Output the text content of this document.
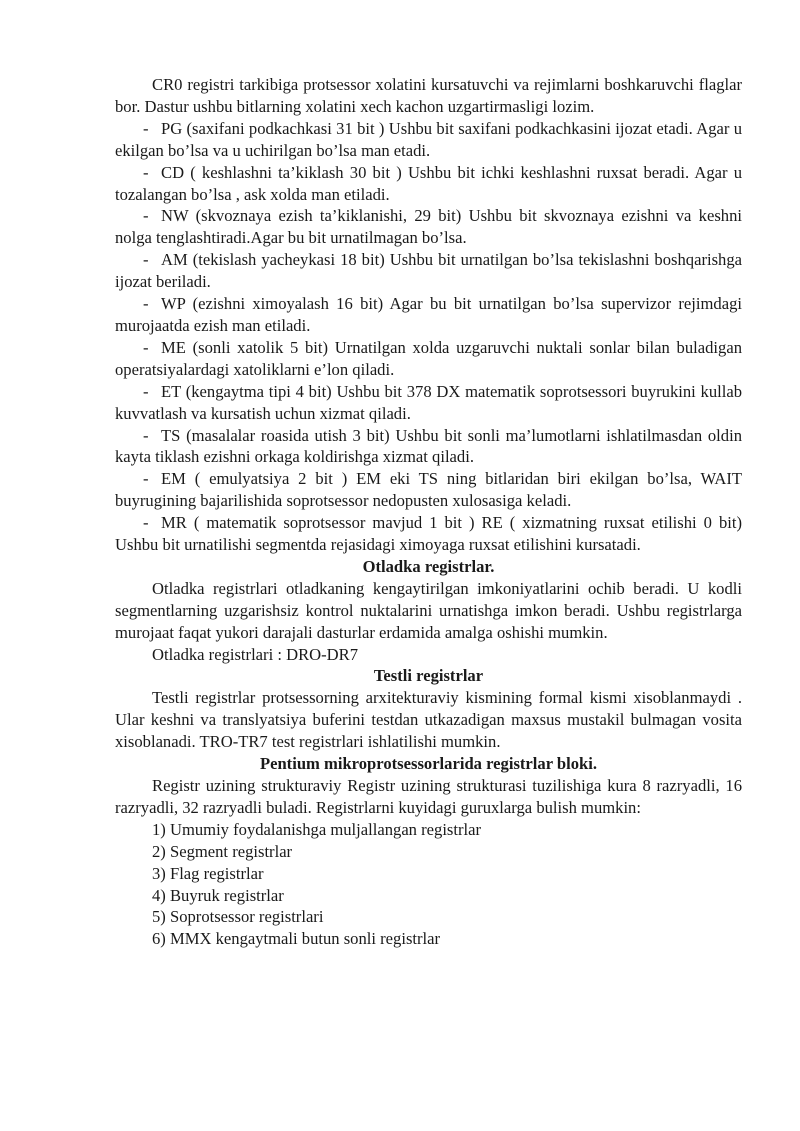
CR0 registri tarkibiga protsessor xolatini kursatuvchi va rejimlarni boshkaruvchi flaglar bor. Dastur ushbu bitlarning xolatini xech kachon uzgartirmasligi lozim.

- PG (saxifani podkachkasi 31 bit ) Ushbu bit saxifani podkachkasini ijozat etadi. Agar u ekilgan bo’lsa va u uchirilgan bo’lsa man etadi.

- CD ( keshlashni ta’kiklash 30 bit ) Ushbu bit ichki keshlashni ruxsat beradi. Agar u tozalangan bo’lsa , ask xolda man etiladi.

- NW (skvoznaya ezish ta’kiklanishi, 29 bit) Ushbu bit skvoznaya ezishni va keshni nolga tenglashtiradi.Agar bu bit urnatilmagan bo’lsa.

- AM (tekislash yacheykasi 18 bit) Ushbu bit urnatilgan bo’lsa tekislashni boshqarishga ijozat beriladi.

- WP (ezishni ximoyalash 16 bit) Agar bu bit urnatilgan bo’lsa supervizor rejimdagi murojaatda ezish man etiladi.

- ME (sonli xatolik 5 bit) Urnatilgan xolda uzgaruvchi nuktali sonlar bilan buladigan operatsiyalardagi xatoliklarni e’lon qiladi.

- ET (kengaytma tipi 4 bit) Ushbu bit 378 DX matematik soprotsessori buyrukini kullab kuvvatlash va kursatish uchun xizmat qiladi.

- TS (masalalar roasida utish 3 bit) Ushbu bit sonli ma’lumotlarni ishlatilmasdan oldin kayta tiklash ezishni orkaga koldirishga xizmat qiladi.

- EM ( emulyatsiya 2 bit ) EM eki TS ning bitlaridan biri ekilgan bo’lsa, WAIT buyrugining bajarilishida soprotsessor nedopusten xulosasiga keladi.

- MR ( matematik soprotsessor mavjud 1 bit ) RE ( xizmatning ruxsat etilishi 0 bit) Ushbu bit urnatilishi segmentda rejasidagi ximoyaga ruxsat etilishini kursatadi.

Otladka registrlar.

Otladka registrlari otladkaning kengaytirilgan imkoniyatlarini ochib beradi. U kodli segmentlarning uzgarishsiz kontrol nuktalarini urnatishga imkon beradi. Ushbu registrlarga murojaat faqat yukori darajali dasturlar erdamida amalga oshishi mumkin.

Otladka registrlari : DRO-DR7

Testli registrlar

Testli registrlar protsessorning arxitekturaviy kismining formal kismi xisoblanmaydi . Ular keshni va translyatsiya buferini testdan utkazadigan maxsus mustakil bulmagan vosita xisoblanadi. TRO-TR7 test registrlari ishlatilishi mumkin.

Pentium mikroprotsessorlarida registrlar bloki.

Registr uzining strukturaviy Registr uzining strukturasi tuzilishiga kura 8 razryadli, 16 razryadli, 32 razryadli buladi. Registrlarni kuyidagi guruxlarga bulish mumkin:

1) Umumiy foydalanishga muljallangan registrlar

2) Segment registrlar

3) Flag registrlar

4) Buyruk registrlar

5) Soprotsessor registrlari

6) MMX kengaytmali butun sonli registrlar
